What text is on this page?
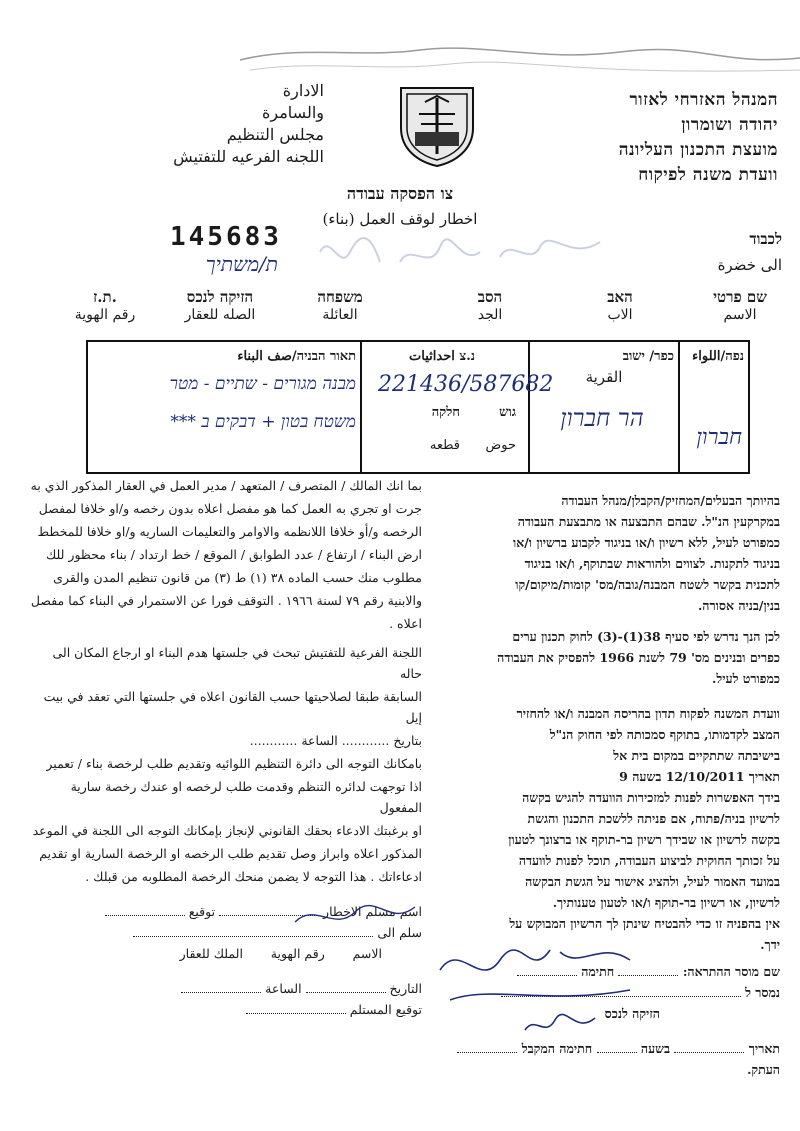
המנהל האזרחי לאזור
יהודה ושומרון
מועצת התכנון העליונה
וועדת משנה לפיקוח
الادارة
والسامرة
مجلس التنظيم
اللجنه الفرعيه للتفتيش
צו הפסקה עבודה
اخطار لوقف العمل (بناء)
145683
ת/משתיך
לכבוד
الى خضرة
שם פרטי
الاسم
האב
الاب
הסב
الجد
משפחה
العائلة
הזיקה לנכס
الصله للعقار
ת.ז.
رقم الهوية
נפה/اللواء
חברון
כפר/ ישוב
القرية
הר חברון
נ.צ احداثيات
221436/587682
גוש
חלקה
حوض
قطعه
תאור הבניה/صف البناء
מבנה מגורים - שתיים - מטר
משטח בטון + דבקים ב ***

بما انك المالك / المتصرف / المتعهد / مدير العمل في العقار المذكور الذي به

جرت او تجري به العمل كما هو مفصل اعلاه بدون رخصه و/او خلافا لمفصل

الرخصه و/أو خلافا اللانظمه والاوامر والتعليمات الساريه و/او خلافا للمخطط

ارض البناء / ارتفاع / عدد الطوابق / الموقع / خط ارتداد / بناء محظور للك

مطلوب منك حسب الماده ٣٨ (١) ط (٣) من قانون تنظيم المدن والقرى

والابنية رقم ٧٩ لسنة ١٩٦٦ . التوقف فورا عن الاستمرار في البناء كما مفصل

اعلاه .

اللجنة الفرعية للتفتيش تبحث في جلستها هدم البناء او ارجاع المكان الى حاله

السابقة طبقا لصلاحيتها حسب القانون اعلاه في جلستها التي تعقد في بيت إيل

بتاريخ ............ الساعة ............

بامكانك التوجه الى دائرة التنظيم اللوائيه وتقديم طلب لرخصة بناء / تعمير

اذا توجهت لدائره التنظم وقدمت طلب لرخصه او عندك رخصة سارية المفعول

او برغبتك الادعاء بحقك القانوني لإنجاز بإمكانك التوجه الى اللجنة في الموعد

المذكور اعلاه وابراز وصل تقديم طلب الرخصه او الرخصة السارية او تقديم

ادعاءاتك . هذا التوجه لا يضمن منحك الرخصة المطلوبه من قبلك .

اسم مسلم الاخطار  توقيع
سلم الى
الاسم       رقم الهوية       الملك للعقار
التاريخ  الساعة
توقيع المستلم

בהיותך הבעלים/המחזיק/הקבלן/מנהל העבודה

במקרקעין הנ"ל. שבהם התבצעה או מתבצעת העבודה

כמפורט לעיל, ללא רשיון ו/או בניגוד לקבוע ברשיון ו/או

בניגוד לתקנות. לצווים ולהוראות שבתוקף, ו/או בניגוד

לתכנית בקשר לשטח המבנה/גובה/מס' קומות/מיקום/קו

בנין/בניה אסורה.

לכן הנך נדרש לפי סעיף 38(1)-(3) לחוק תכנון ערים

כפרים ובנינים מס' 79 לשנת 1966 להפסיק את העבודה

כמפורט לעיל.

וועדת המשנה לפקוח תדון בהריסה המבנה ו/או להחזיר

המצב לקדמותו, בתוקף סמכותה לפי החוק הנ"ל

בישיבתה שתתקיים במקום בית אל

תאריך 12/10/2011 בשעה 9

בידך האפשרות לפנות למזכירות הוועדה להגיש בקשה

לרשיון בניה/פתוח, אם פניתה ללשכת התכנון והגשת

בקשה לרשיון או שבידך רשיון בר-תוקף או ברצונך לטעון

על זכותך החוקית לביצוע העבודה, תוכל לפנות לוועדה

במועד האמור לעיל, ולהציג אישור על הגשת הבקשה

לרשיון, או רשיון בר-תוקף ו/או לטעון טענותיך.

אין בהפניה זו כדי להבטיח שינתן לך הרשיון המבוקש על

ידך.

שם מוסר ההתראה:  חתימה
נמסר ל
הזיקה לנכס
תאריך  בשעה  חתימה המקבל
העתק.
